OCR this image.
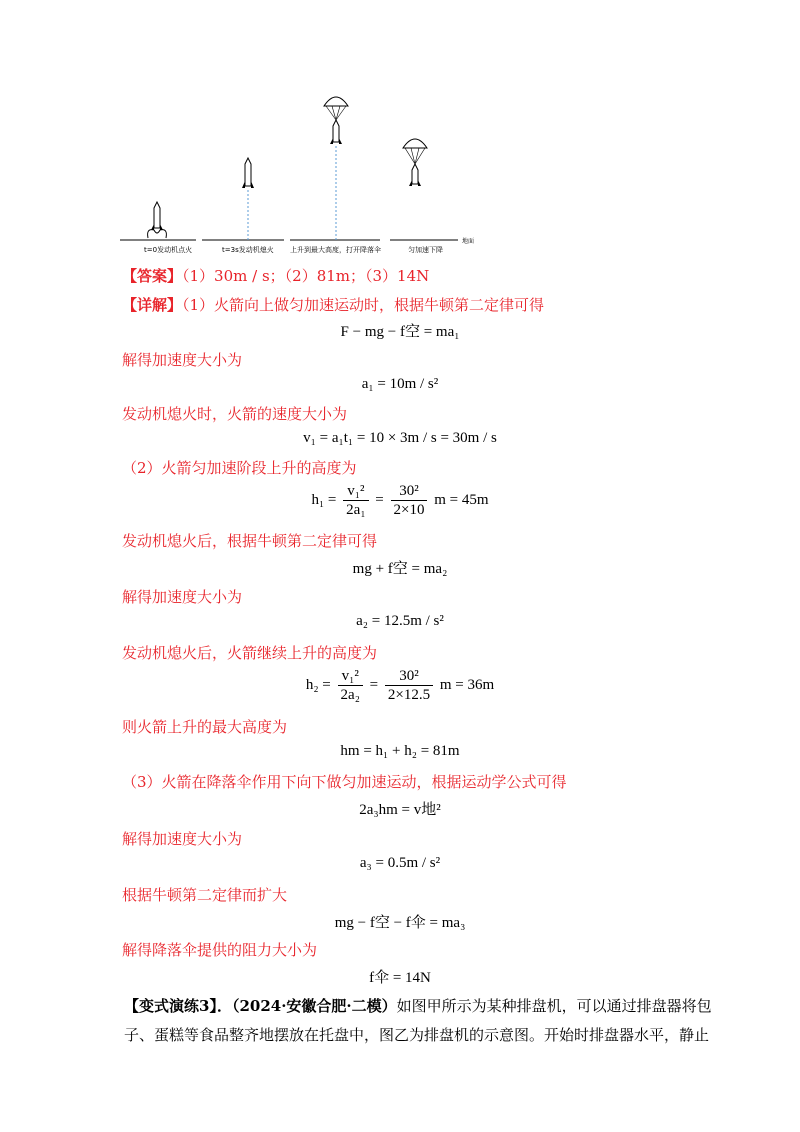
t=0发动机点火	t=3s发动机熄火 上升到最大高度，打开降落伞	匀加速下降
地面
【答案】（1）30m / s；（2）81m；（3）14N
【详解】（1）火箭向上做匀加速运动时，根据牛顿第二定律可得
F − mg − f空 = ma₁
解得加速度大小为
a₁ = 10m / s²
发动机熄火时，火箭的速度大小为
v₁ = a₁t₁ = 10 × 3m / s = 30m / s
（2）火箭匀加速阶段上升的高度为
$h_1 = \frac{\text{v₁²}}{\text{2a₁}} = \frac{\text{30²}}{2\times 10}$ m = 45m
发动机熄火后，根据牛顿第二定律可得
mg + f空 = ma₂
解得加速度大小为
a₂ = 12.5m / s²
发动机熄火后，火箭继续上升的高度为
$h_2 = \frac{\text{v₁²}}{\text{2a₂}} = \frac{\text{30²}}{2\times 12.5}$ m = 36m
则火箭上升的最大高度为
hm = h₁ + h₂ = 81m
（3）火箭在降落伞作用下向下做匀加速运动，根据运动学公式可得
2a₃hm = v地²
解得加速度大小为
a₃ = 0.5m / s²
根据牛顿第二定律而扩大
mg − f空 − f伞 = ma₃
解得降落伞提供的阻力大小为
f伞 = 14N
【变式演练3】．（2024·安徽合肥·二模）如图甲所示为某种排盘机，可以通过排盘器将包
子、蛋糕等食品整齐地摆放在托盘中，图乙为排盘机的示意图。开始时排盘器水平，静止
